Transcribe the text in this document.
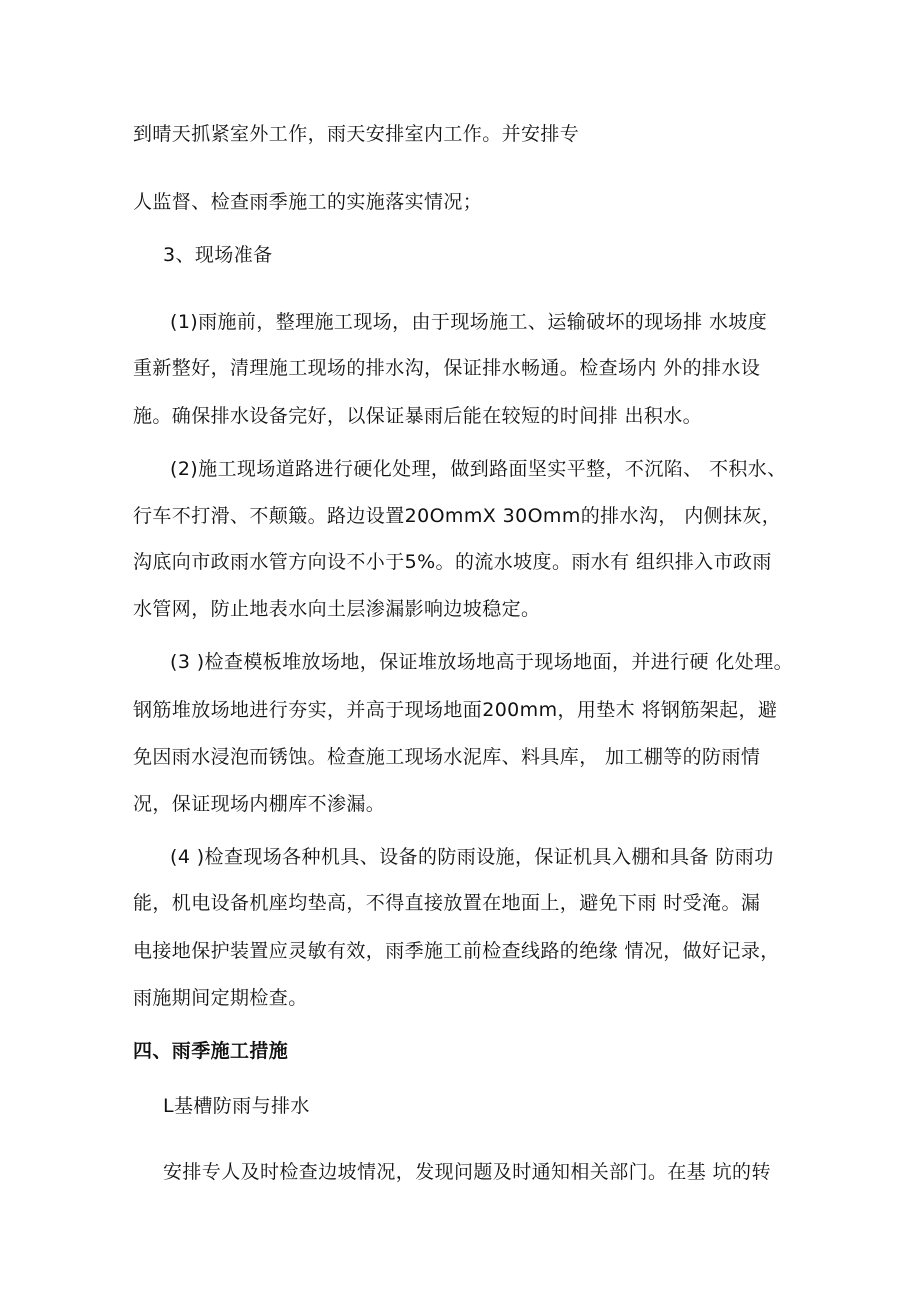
到晴天抓紧室外工作，雨天安排室内工作。并安排专
人监督、检查雨季施工的实施落实情况；
3、现场准备
(1)雨施前，整理施工现场，由于现场施工、运输破坏的现场排 水坡度
重新整好，清理施工现场的排水沟，保证排水畅通。检查场内 外的排水设
施。确保排水设备完好，以保证暴雨后能在较短的时间排 出积水。
(2)施工现场道路进行硬化处理，做到路面坚实平整，不沉陷、 不积水、
行车不打滑、不颠簸。路边设置20OmmX 30Omm的排水沟， 内侧抹灰，
沟底向市政雨水管方向设不小于5%。的流水坡度。雨水有 组织排入市政雨
水管网，防止地表水向土层渗漏影响边坡稳定。
(3 )检查模板堆放场地，保证堆放场地高于现场地面，并进行硬 化处理。
钢筋堆放场地进行夯实，并高于现场地面200mm，用垫木 将钢筋架起，避
免因雨水浸泡而锈蚀。检查施工现场水泥库、料具库， 加工棚等的防雨情
况，保证现场内棚库不渗漏。
(4 )检查现场各种机具、设备的防雨设施，保证机具入棚和具备 防雨功
能，机电设备机座均垫高，不得直接放置在地面上，避免下雨 时受淹。漏
电接地保护装置应灵敏有效，雨季施工前检查线路的绝缘 情况，做好记录，
雨施期间定期检查。
四、雨季施工措施
L基槽防雨与排水
安排专人及时检查边坡情况，发现问题及时通知相关部门。在基 坑的转
